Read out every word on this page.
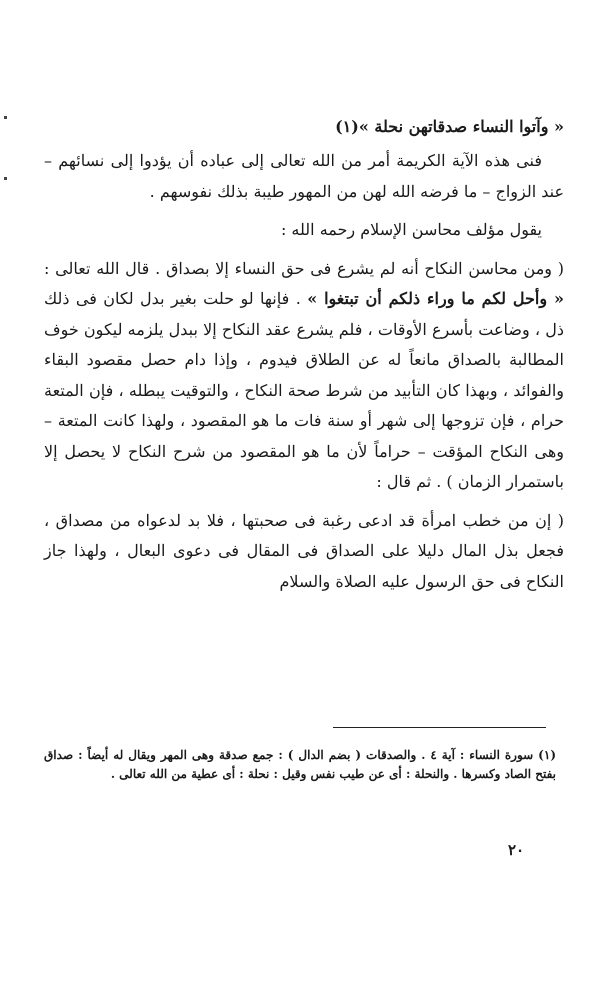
« وآتوا النساء صدقاتهن نحلة »(١)

فنى هذه الآية الكريمة أمر من الله تعالى إلى عباده أن يؤدوا إلى نسائهم – عند الزواج – ما فرضه الله لهن من المهور طيبة بذلك نفوسهم .

يقول مؤلف محاسن الإسلام رحمه الله :

( ومن محاسن النكاح أنه لم يشرع فى حق النساء إلا بصداق . قال الله تعالى : « وأحل لكم ما وراء ذلكم أن تبتغوا » . فإنها لو حلت بغير بدل لكان فى ذلك ذل ، وضاعت بأسرع الأوقات ، فلم يشرع عقد النكاح إلا ببدل يلزمه ليكون خوف المطالبة بالصداق مانعاً له عن الطلاق فيدوم ، وإذا دام حصل مقصود البقاء والفوائد ، وبهذا كان التأبيد من شرط صحة النكاح ، والتوقيت يبطله ، فإن المتعة حرام ، فإن تزوجها إلى شهر أو سنة فات ما هو المقصود ، ولهذا كانت المتعة – وهى النكاح المؤقت – حراماً لأن ما هو المقصود من شرح النكاح لا يحصل إلا باستمرار الزمان ) . ثم قال :

( إن من خطب امرأة قد ادعى رغبة فى صحبتها ، فلا بد لدعواه من مصداق ، فجعل بذل المال دليلا على الصداق فى المقال فى دعوى البعال ، ولهذا جاز النكاح فى حق الرسول عليه الصلاة والسلام

(١) سورة النساء : آية ٤ . والصدقات ( بضم الدال ) : جمع صدقة وهى المهر ويقال له أيضاً : صداق بفتح الصاد وكسرها . والنحلة : أى عن طيب نفس وقيل : نحلة : أى عطية من الله تعالى .
٢٠
